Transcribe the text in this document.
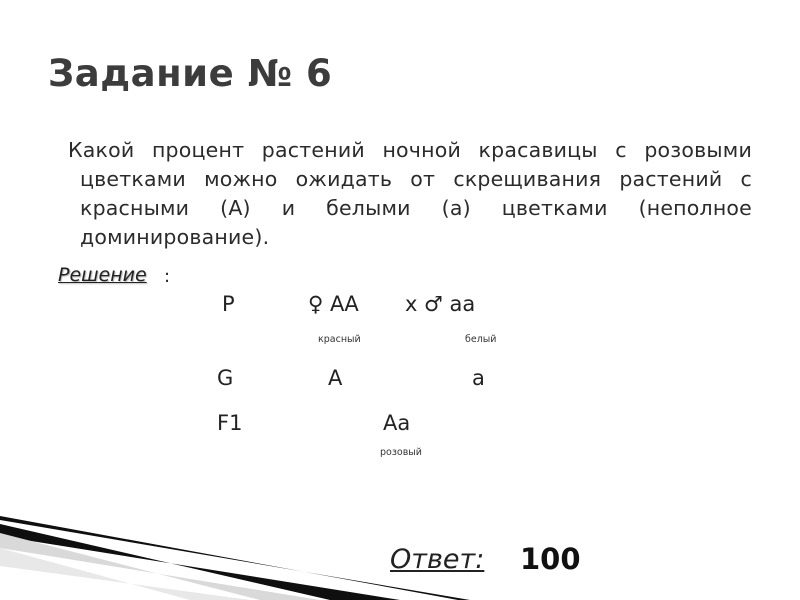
Задание № 6
Какой процент растений ночной красавицы с розовыми цветками можно ожидать от скрещивания растений с красными (А) и белыми (а) цветками (неполное доминирование).
Решение :
P	♀ АА х ♂ аа
красный	белый
G	А	а
F1	Аа
розовый
Ответ: 100
